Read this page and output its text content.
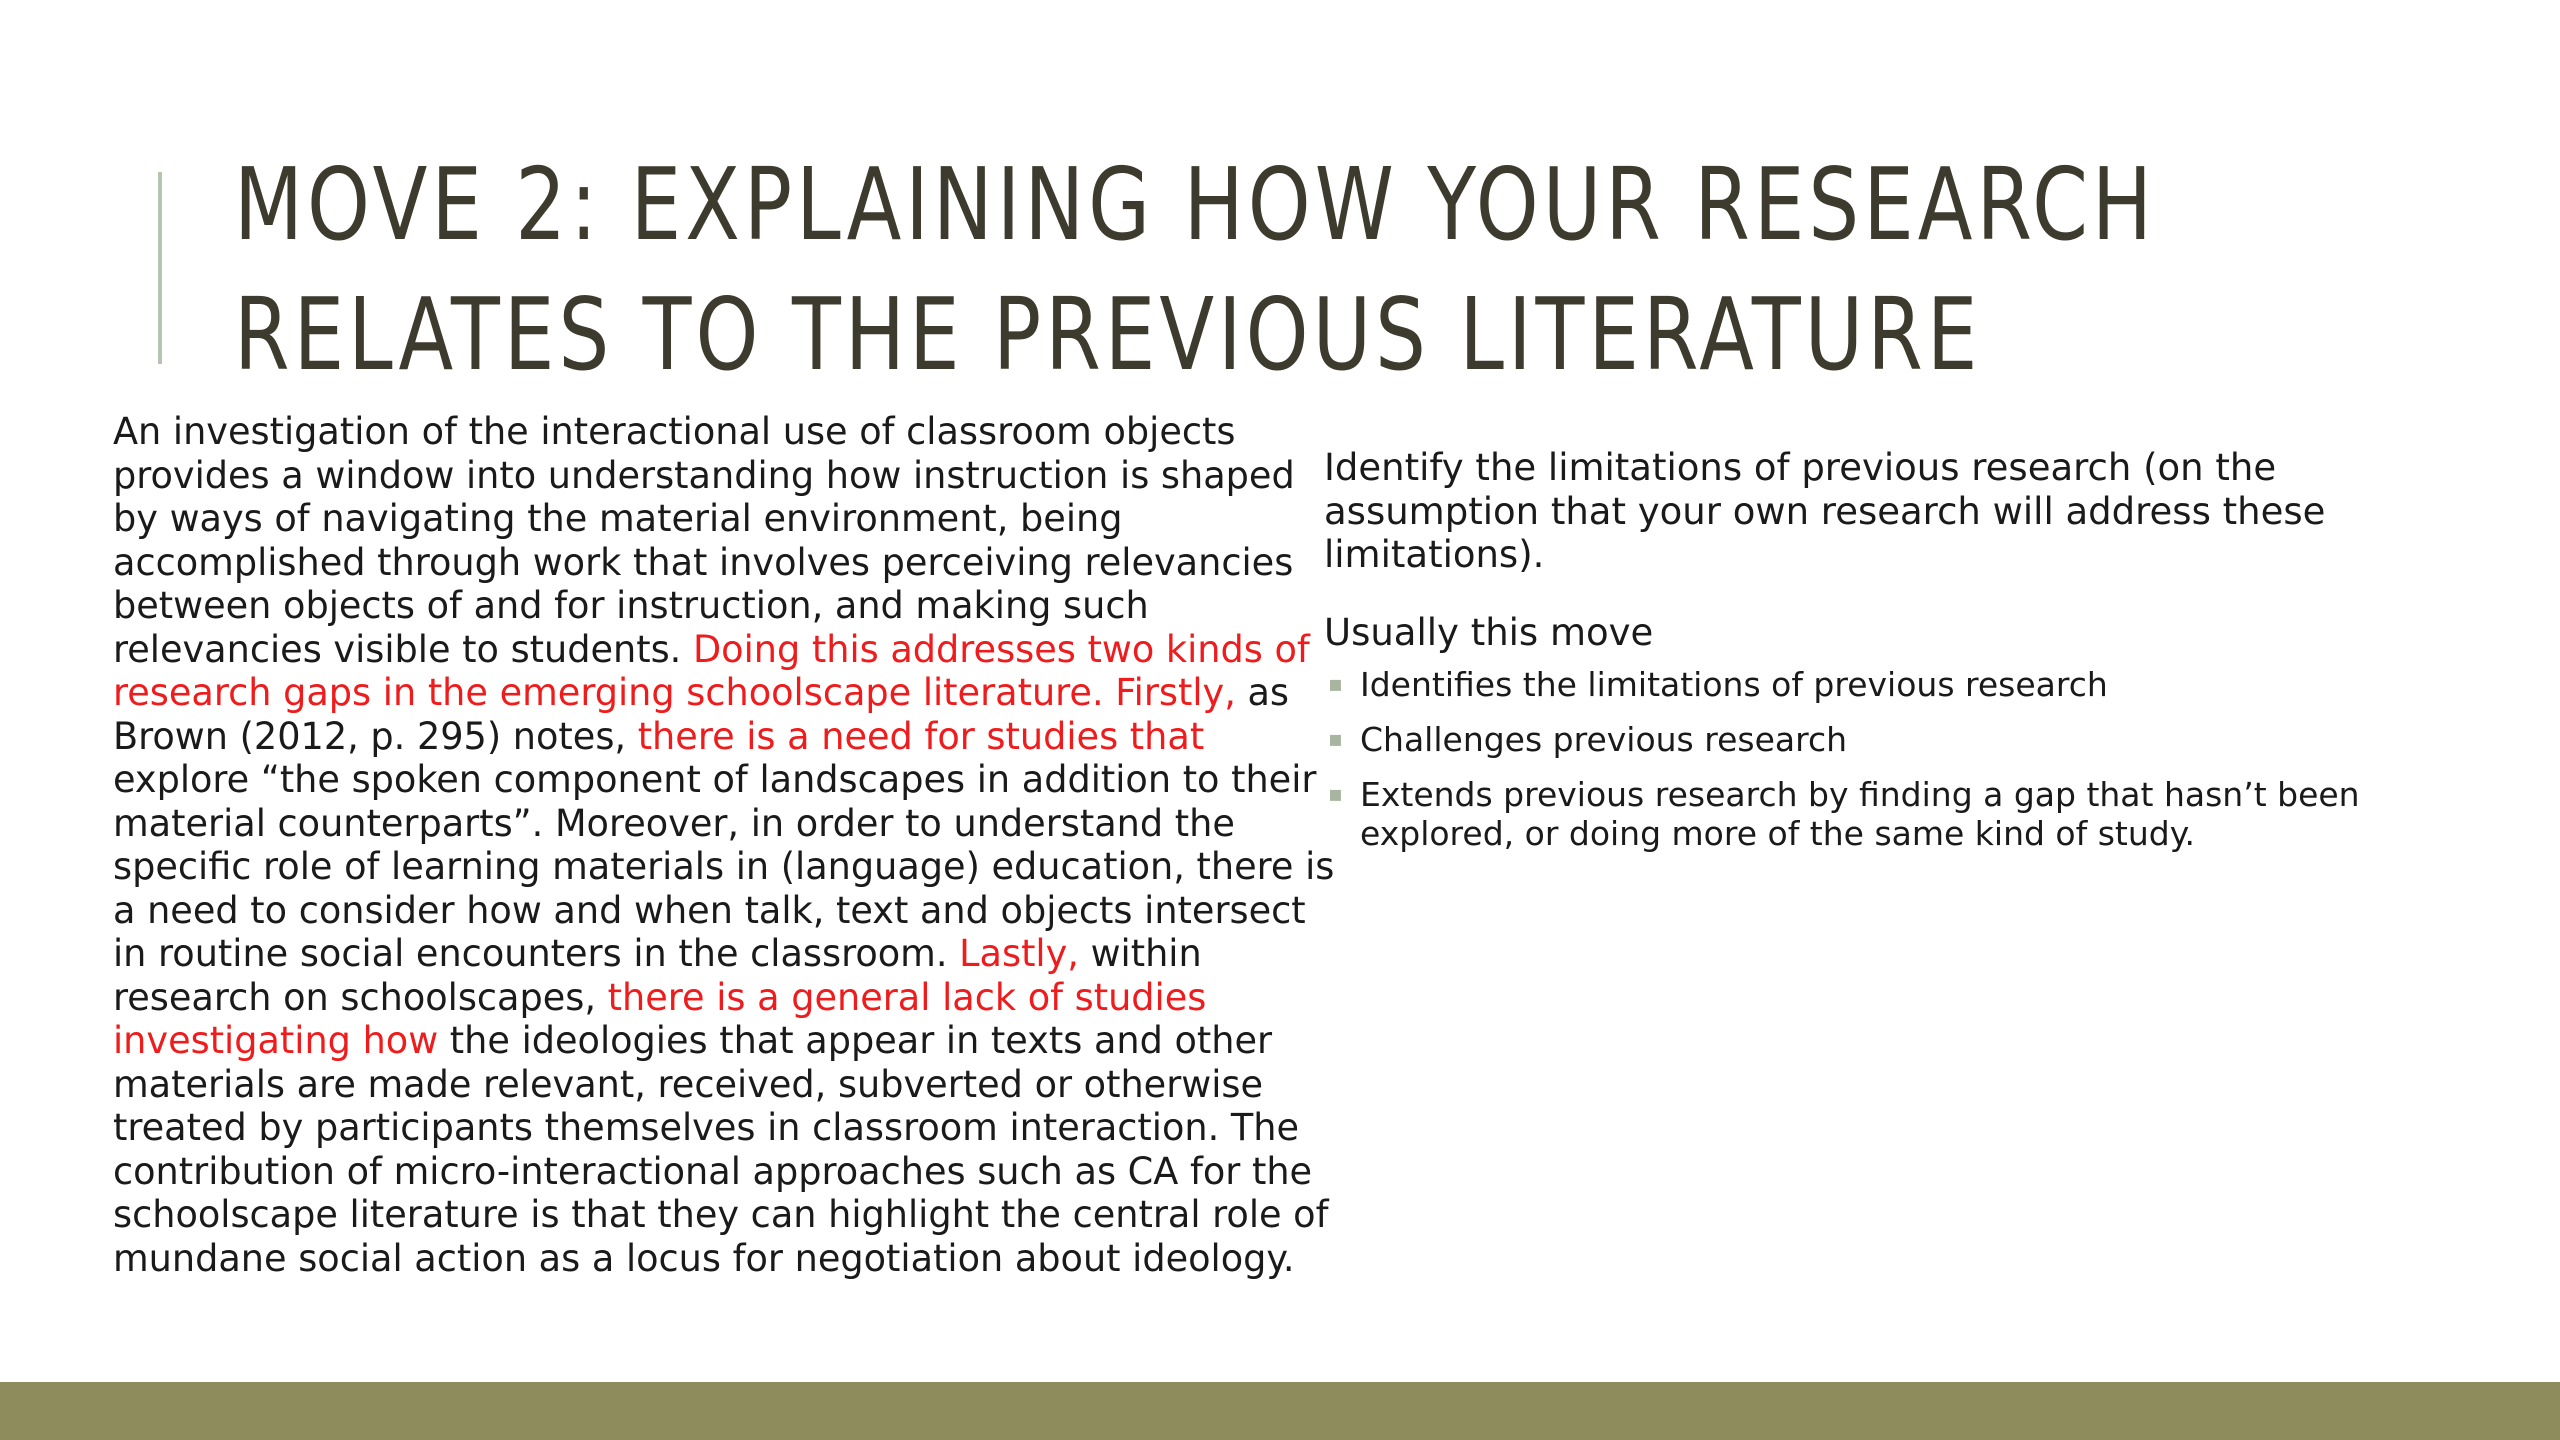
MOVE 2: EXPLAINING HOW YOUR RESEARCH
RELATES TO THE PREVIOUS LITERATURE

An investigation of the interactional use of classroom objects provides a window into understanding how instruction is shaped by ways of navigating the material environment, being accomplished through work that involves perceiving relevancies between objects of and for instruction, and making such relevancies visible to students. Doing this addresses two kinds of research gaps in the emerging schoolscape literature. Firstly, as Brown (2012, p. 295) notes, there is a need for studies that explore “the spoken component of landscapes in addition to their material counterparts”. Moreover, in order to understand the specific role of learning materials in (language) education, there is a need to consider how and when talk, text and objects intersect in routine social encounters in the classroom. Lastly, within research on schoolscapes, there is a general lack of studies investigating how the ideologies that appear in texts and other materials are made relevant, received, subverted or otherwise treated by participants themselves in classroom interaction. The contribution of micro-interactional approaches such as CA for the schoolscape literature is that they can highlight the central role of mundane social action as a locus for negotiation about ideology.

Identify the limitations of previous research (on the assumption that your own research will address these limitations).

Usually this move

▪ Identifies the limitations of previous research
▪ Challenges previous research
▪ Extends previous research by finding a gap that hasn’t been explored, or doing more of the same kind of study.
